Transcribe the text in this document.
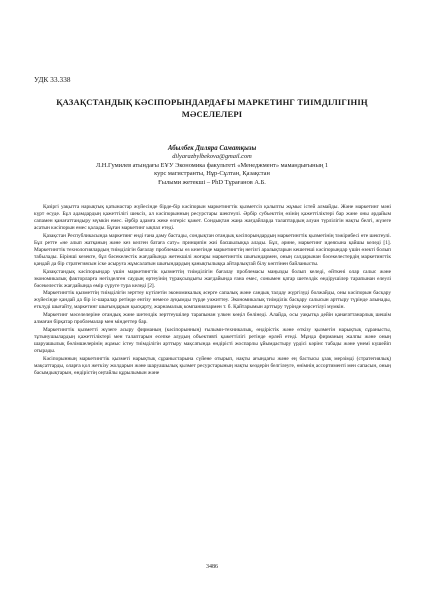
УДК 33.338
ҚАЗАҚСТАНДЫҚ КӘСІПОРЫНДАРДАҒЫ МАРКЕТИНГ ТИІМДІЛІГІНІҢ
МӘСЕЛЕЛЕРІ
Абылбек Диляра Саматқызы
dilyarazbylbekova@gmail.com
Л.Н.Гумилев атындағы ЕҰУ Экономика факультеті «Менеджмент» мамандығының 1
курс магистранты, Нұр-Сұлтан, Қазақстан
Ғылыми жетекші – PhD Тұрағанов А.Б.

Қазіргі уақытта нарықтық қатынастар жүйесінде бірде-бір кәсіпорын маркетингтік қызметсіз қалыпты жұмыс істей алмайды. Және маркетинг мәні күрт өсуде. Бұл адамдардың қажеттілігі шексіз, ал кәсіпорынның ресурстары шектеулі. Әрбір субъекттің өзінің қажеттіліктері бар және оны әрдайым сапамен қанағаттандыру мүмкін емес. Әрбір адамға жеке өзгеріс қажет. Сондықтан жаңа жағдайларда талаптардың алуан түрлілігін нақты белгі, жүзеге асатын кәсіпорын емес қалады. Бұған маркетинг ықпал етеді.

Қазақстан Республикасында маркетинг енді ғана даму бастады, сондықтан отандық кәсіпорындардың маркетингтік қызметінің тәжірибесі өте шектеулі. Бұл ретте «не алып жатқаның және кез келген батаға сату» принципін жиі басшылыққа алады. Бұл, әрине, маркетинг идеясына қайшы келеді [1]. Маркетингтік технологиялардың тиімділігін бағалау проблемасы өз кезегінде маркетингтің негізгі аралықтарын кешегеші кәсіпорындар үшін өзекті болып табылады. Бірінші кезекте, бұл бәсекелестік жағдайында жетекшілі жоғары маркетингтік шығындармен, оның салдарынан бәсекелестердің маркетингтік қандай да бір стратегиясын іске асыруға жұмсалатын шығындардың қанықтылыққа айтарлықтай білу көптінен байланысты.

Қазақстандық кәсіпорындар үшін маркетингтік қызметтің тиімділігін бағалау проблемасы маңызды болып келеді, өйткені олар салыс және экономикалық факторларға негізделген саудың өртеуінің түрақсыздығы жағдайында ғана емес, сонымен қатар шетелдік өндірушілер тарапынан елеулі бәсекелестік жағдайында өмір сүруге тура келеді [2].

Маркетингтік қызметтің тиімділігін зерттеу күтілетін экономикалық әсерге сапалық және сандық талдау жүргізуді болжайды, оны кәсіпорын басқару жүйесінде қандай да бір іс-шаралар ретінде енгізу немесе ауқымды түрде уәжиттеу. Экономикалық тиімділік басқару салысын арттыру түрінде алынады, етклуді шығайту, маркетинг шығындарын қысқарту, жарнамалық компаниялармен т. б. Қайтарымын арттыру түрінде көрсетілуі мүмкін.

Маркетинг мәселелеріне отандық және шетелдік зерттеушілер тарапынан үлкен көңіл бөлінеді. Алайда, осы уақытқа дейін қанағаттанарлық шешім алмаған бірқатар проблемалар мен міндеттер бар.

Маркетингтік қызметті жүзеге асыру фирманың (кәсіпорынның) ғылыми-техникалық, өндірістік және өткізу қызметін нарықтық сұранысты, тұтынушылардың қажеттіліктері мен талаптарын есепке алудың объективті қажеттілігі ретінде өрлей етеді. Мұнда фирманың жалпы және оның шаруашылық бөлімшелерінің жұмыс істеу тиімділігін арттыру мақсатында өндірісті жоспарлы ұйымдастыру үрдісі кәрінс табады және үнемі күшейіп отырады.

Кәсіпорынның маркетингтік қызметі нарықтық сұраныстарына сүйене отырып, нақты ағындағы және ең бастысы ұзақ мерзімді (стратегиялық) мақсаттарды, оларға қол жеткізу жолдарын және шаруашылық қызмет ресурстарының нақты көздерін белгілеуге, өнімнің ассортименті мен сапасын, оның басымдықтарын, өндірістің оңтайлы құрылымын және

3486
